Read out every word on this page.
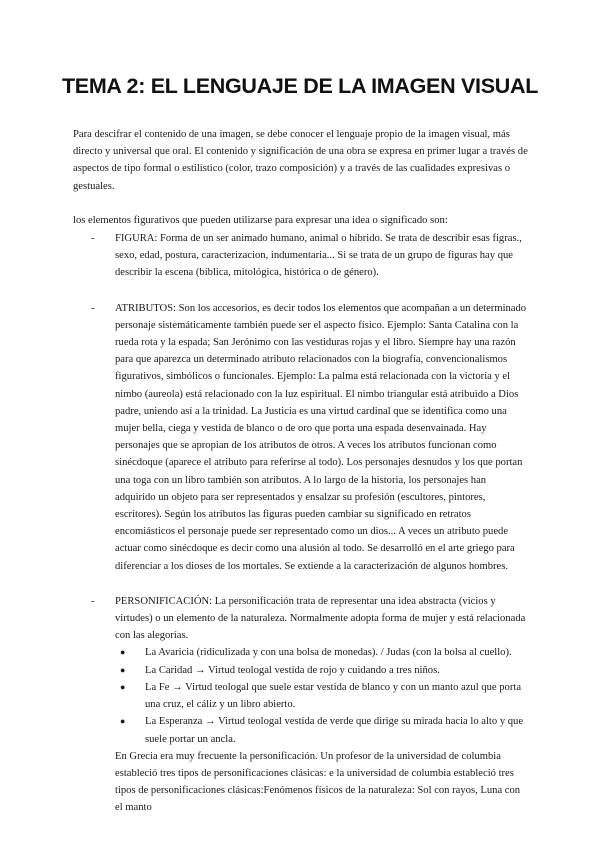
TEMA 2: EL LENGUAJE DE LA IMAGEN VISUAL

Para descifrar el contenido de una imagen, se debe conocer el lenguaje propio de la imagen visual, más directo y universal que oral. El contenido y significación de una obra se expresa en primer lugar a través de aspectos de tipo formal o estilístico (color, trazo composición) y a través de las cualidades expresivas o gestuales.

los elementos figurativos que pueden utilizarse para expresar una idea o significado son:

- FIGURA: Forma de un ser animado humano, animal o híbrido. Se trata de describir esas figras., sexo, edad, postura, caracterizacion, indumentaria... Si se trata de un grupo de figuras hay que describir la escena (bíblica, mitológica, histórica o de género).

- ATRIBUTOS: Son los accesorios, es decir todos los elementos que acompañan a un determinado personaje sistemáticamente también puede ser el aspecto físico. Ejemplo: Santa Catalina con la rueda rota y la espada; San Jerónimo con las vestiduras rojas y el libro. Siempre hay una razón para que aparezca un determinado atributo relacionados con la biografía, convencionalismos figurativos, simbólicos o funcionales. Ejemplo: La palma está relacionada con la victoria y el nimbo (aureola) está relacionado con la luz espiritual. El nimbo triangular está atribuido a Dios padre, uniendo así a la trinidad. La Justicia es una virtud cardinal que se identifica como una mujer bella, ciega y vestida de blanco o de oro que porta una espada desenvainada. Hay personajes que se apropian de los atributos de otros. A veces los atributos funcionan como sinécdoque (aparece el atributo para referirse al todo). Los personajes desnudos y los que portan una toga con un libro también son atributos. A lo largo de la historia, los personajes han adquirido un objeto para ser representados y ensalzar su profesión (escultores, pintores, escritores). Según los atributos las figuras pueden cambiar su significado en retratos encomiásticos el personaje puede ser representado como un dios... A veces un atributo puede actuar como sinécdoque es decir como una alusión al todo. Se desarrolló en el arte griego para diferenciar a los dioses de los mortales. Se extiende a la caracterización de algunos hombres.

- PERSONIFICACIÓN: La personificación trata de representar una idea abstracta (vicios y virtudes) o un elemento de la naturaleza. Normalmente adopta forma de mujer y está relacionada con las alegorías.

● La Avaricia (ridiculizada y con una bolsa de monedas). / Judas (con la bolsa al cuello).
● La Caridad → Virtud teologal vestida de rojo y cuidando a tres niños.
● La Fe → Virtud teologal que suele estar vestida de blanco y con un manto azul que porta una cruz, el cáliz y un libro abierto.
● La Esperanza → Virtud teologal vestida de verde que dirige su mirada hacia lo alto y que suele portar un ancla.

En Grecia era muy frecuente la personificación. Un profesor de la universidad de columbia estableció tres tipos de personificaciones clásicas: e la universidad de columbia estableció tres tipos de personificaciones clásicas:Fenómenos físicos de la naturaleza: Sol con rayos, Luna con el manto
